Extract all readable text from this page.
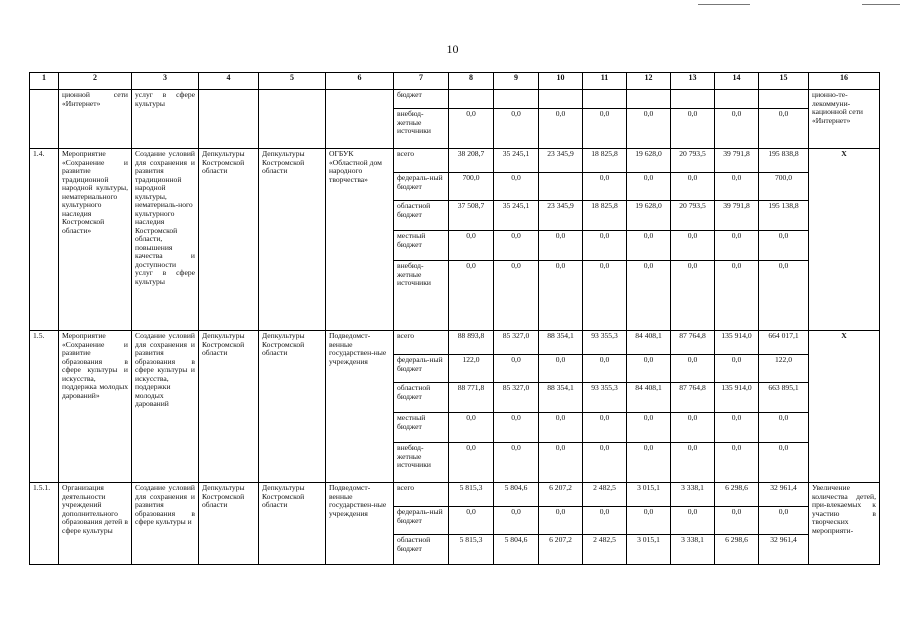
10
1	2	3	4	5	6	7	8	9	10	11	12	13	14	15	16
	ционной сети «Интернет»	услуг в сфере культуры				бюджет									ционно-те-лекоммуни-кационной сети «Интернет»
						внебюд-жетные источники	0,0	0,0	0,0	0,0	0,0	0,0	0,0	0,0	
1.4.	Мероприятие «Сохранение и развитие традиционной народной культуры, нематериального культурного наследия Костромской области»	Создание условий для сохранения и развития традиционной народной культуры, нематериаль-ного культурного наследия Костромской области, повышения качества и доступности услуг в сфере культуры	Депкультуры Костромской области	Депкультуры Костромской области	ОГБУК «Областной дом народного творчества»	всего	38 208,7	35 245,1	23 345,9	18 825,8	19 628,0	20 793,5	39 791,8	195 838,8	X
						федераль-ный бюджет	700,0	0,0		0,0	0,0	0,0	0,0	700,0	
						областной бюджет	37 508,7	35 245,1	23 345,9	18 825,8	19 628,0	20 793,5	39 791,8	195 138,8	
						местный бюджет	0,0	0,0	0,0	0,0	0,0	0,0	0,0	0,0	
						внебюд-жетные источники	0,0	0,0	0,0	0,0	0,0	0,0	0,0	0,0	
1.5.	Мероприятие «Сохранение и развитие образования в сфере культуры и искусства, поддержка молодых дарований»	Создание условий для сохранения и развития образования в сфере культуры и искусства, поддержки молодых дарований	Депкультуры Костромской области	Депкультуры Костромской области	Подведомст-венные государствен-ные учреждения	всего	88 893,8	85 327,0	88 354,1	93 355,3	84 408,1	87 764,8	135 914,0	664 017,1	X
						федераль-ный бюджет	122,0	0,0	0,0	0,0	0,0	0,0	0,0	122,0	
						областной бюджет	88 771,8	85 327,0	88 354,1	93 355,3	84 408,1	87 764,8	135 914,0	663 895,1	
						местный бюджет	0,0	0,0	0,0	0,0	0,0	0,0	0,0	0,0	
						внебюд-жетные источники	0,0	0,0	0,0	0,0	0,0	0,0	0,0	0,0	
1.5.1.	Организация деятельности учреждений дополнительного образования детей в сфере культуры	Создание условий для сохранения и развития образования в сфере культуры и	Депкультуры Костромской области	Депкультуры Костромской области	Подведомст-венные государствен-ные учреждения	всего	5 815,3	5 804,6	6 207,2	2 482,5	3 015,1	3 338,1	6 298,6	32 961,4	Увеличение количества детей, при-влекаемых к участию в творческих мероприяти-
						федераль-ный бюджет	0,0	0,0	0,0	0,0	0,0	0,0	0,0	0,0	
						областной бюджет	5 815,3	5 804,6	6 207,2	2 482,5	3 015,1	3 338,1	6 298,6	32 961,4	
